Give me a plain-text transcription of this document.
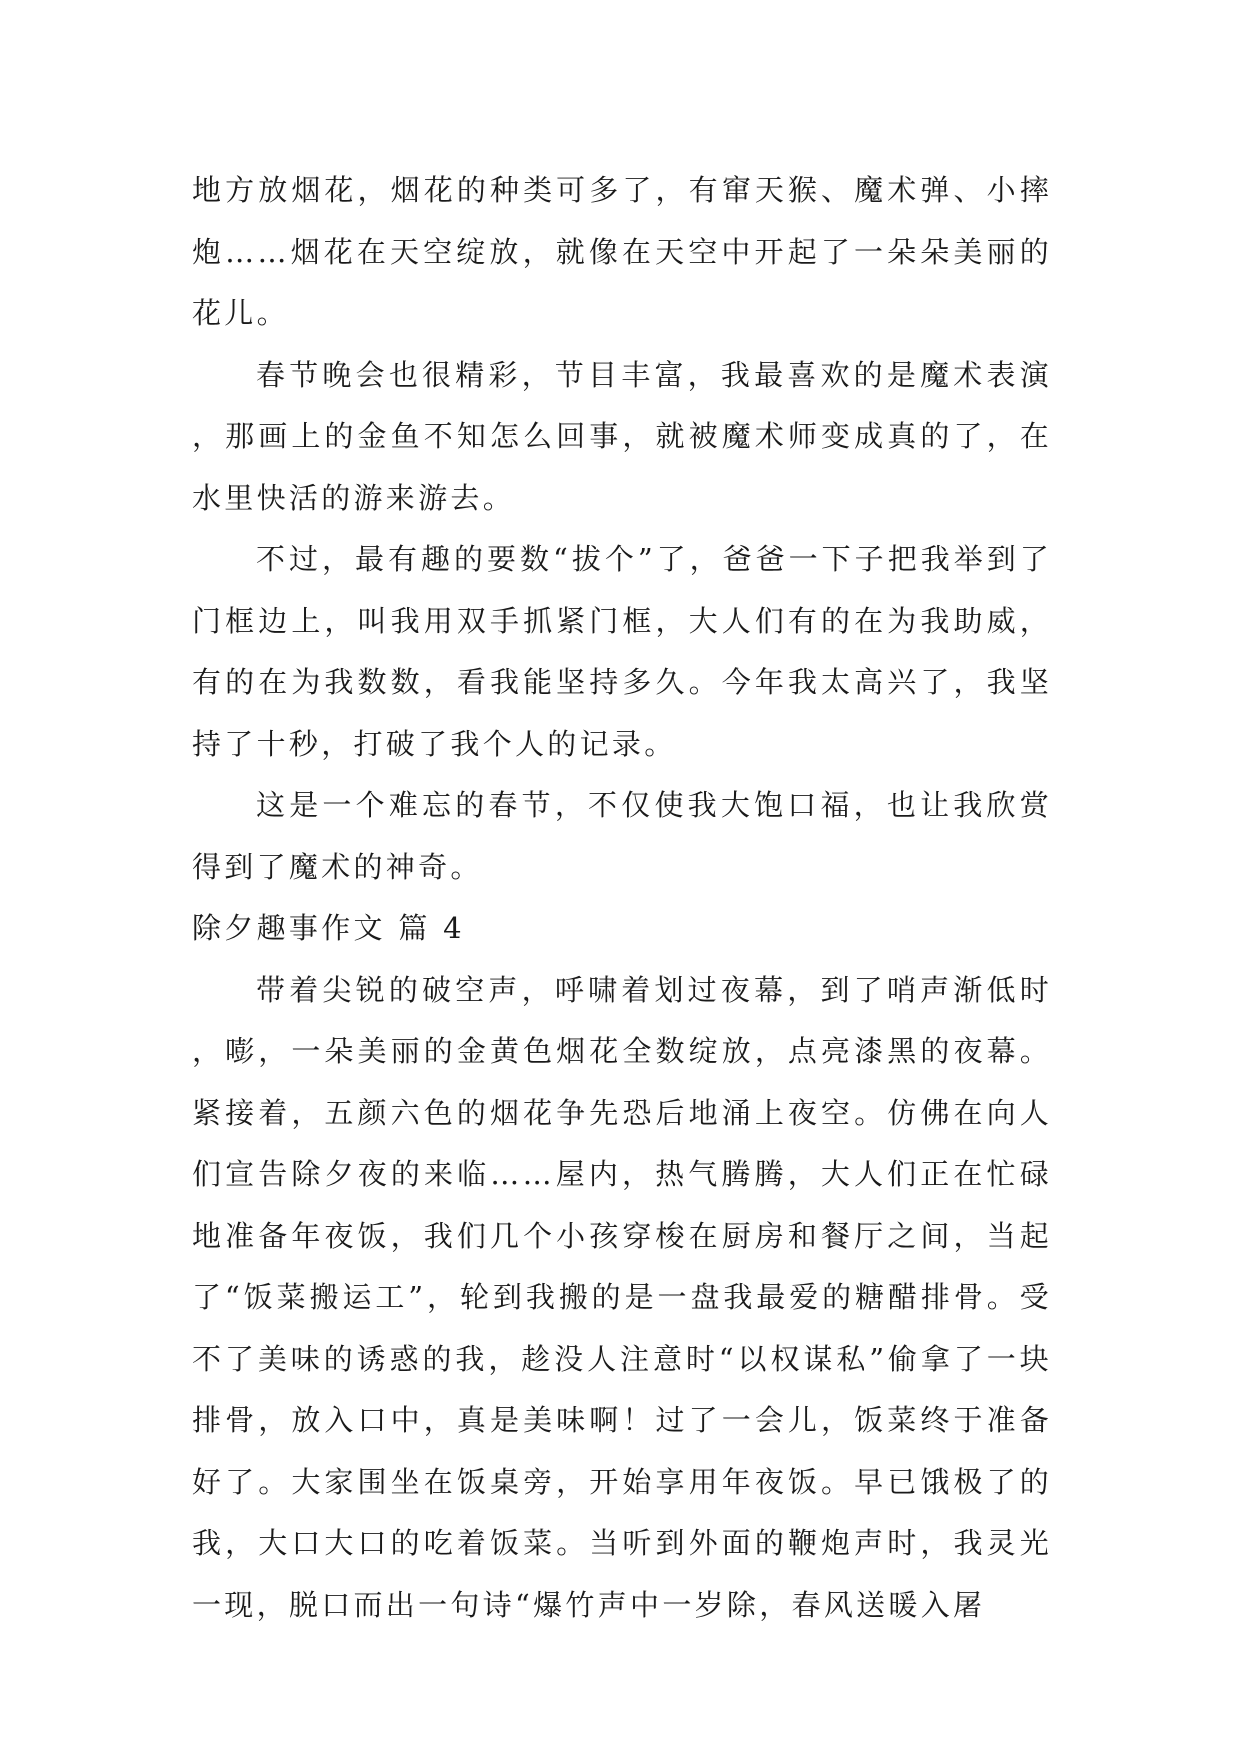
地方放烟花，烟花的种类可多了，有窜天猴、魔术弹、小摔炮……烟花在天空绽放，就像在天空中开起了一朵朵美丽的花儿。

春节晚会也很精彩，节目丰富，我最喜欢的是魔术表演，那画上的金鱼不知怎么回事，就被魔术师变成真的了，在水里快活的游来游去。

不过，最有趣的要数“拔个”了，爸爸一下子把我举到了门框边上，叫我用双手抓紧门框，大人们有的在为我助威，有的在为我数数，看我能坚持多久。今年我太高兴了，我坚持了十秒，打破了我个人的记录。

这是一个难忘的春节，不仅使我大饱口福，也让我欣赏得到了魔术的神奇。

除夕趣事作文 篇 4

带着尖锐的破空声，呼啸着划过夜幕，到了哨声渐低时，嘭，一朵美丽的金黄色烟花全数绽放，点亮漆黑的夜幕。紧接着，五颜六色的烟花争先恐后地涌上夜空。仿佛在向人们宣告除夕夜的来临……屋内，热气腾腾，大人们正在忙碌地准备年夜饭，我们几个小孩穿梭在厨房和餐厅之间，当起了“饭菜搬运工”，轮到我搬的是一盘我最爱的糖醋排骨。受不了美味的诱惑的我，趁没人注意时“以权谋私”偷拿了一块排骨，放入口中，真是美味啊！过了一会儿，饭菜终于准备好了。大家围坐在饭桌旁，开始享用年夜饭。早已饿极了的我，大口大口的吃着饭菜。当听到外面的鞭炮声时，我灵光一现，脱口而出一句诗“爆竹声中一岁除，春风送暖入屠
